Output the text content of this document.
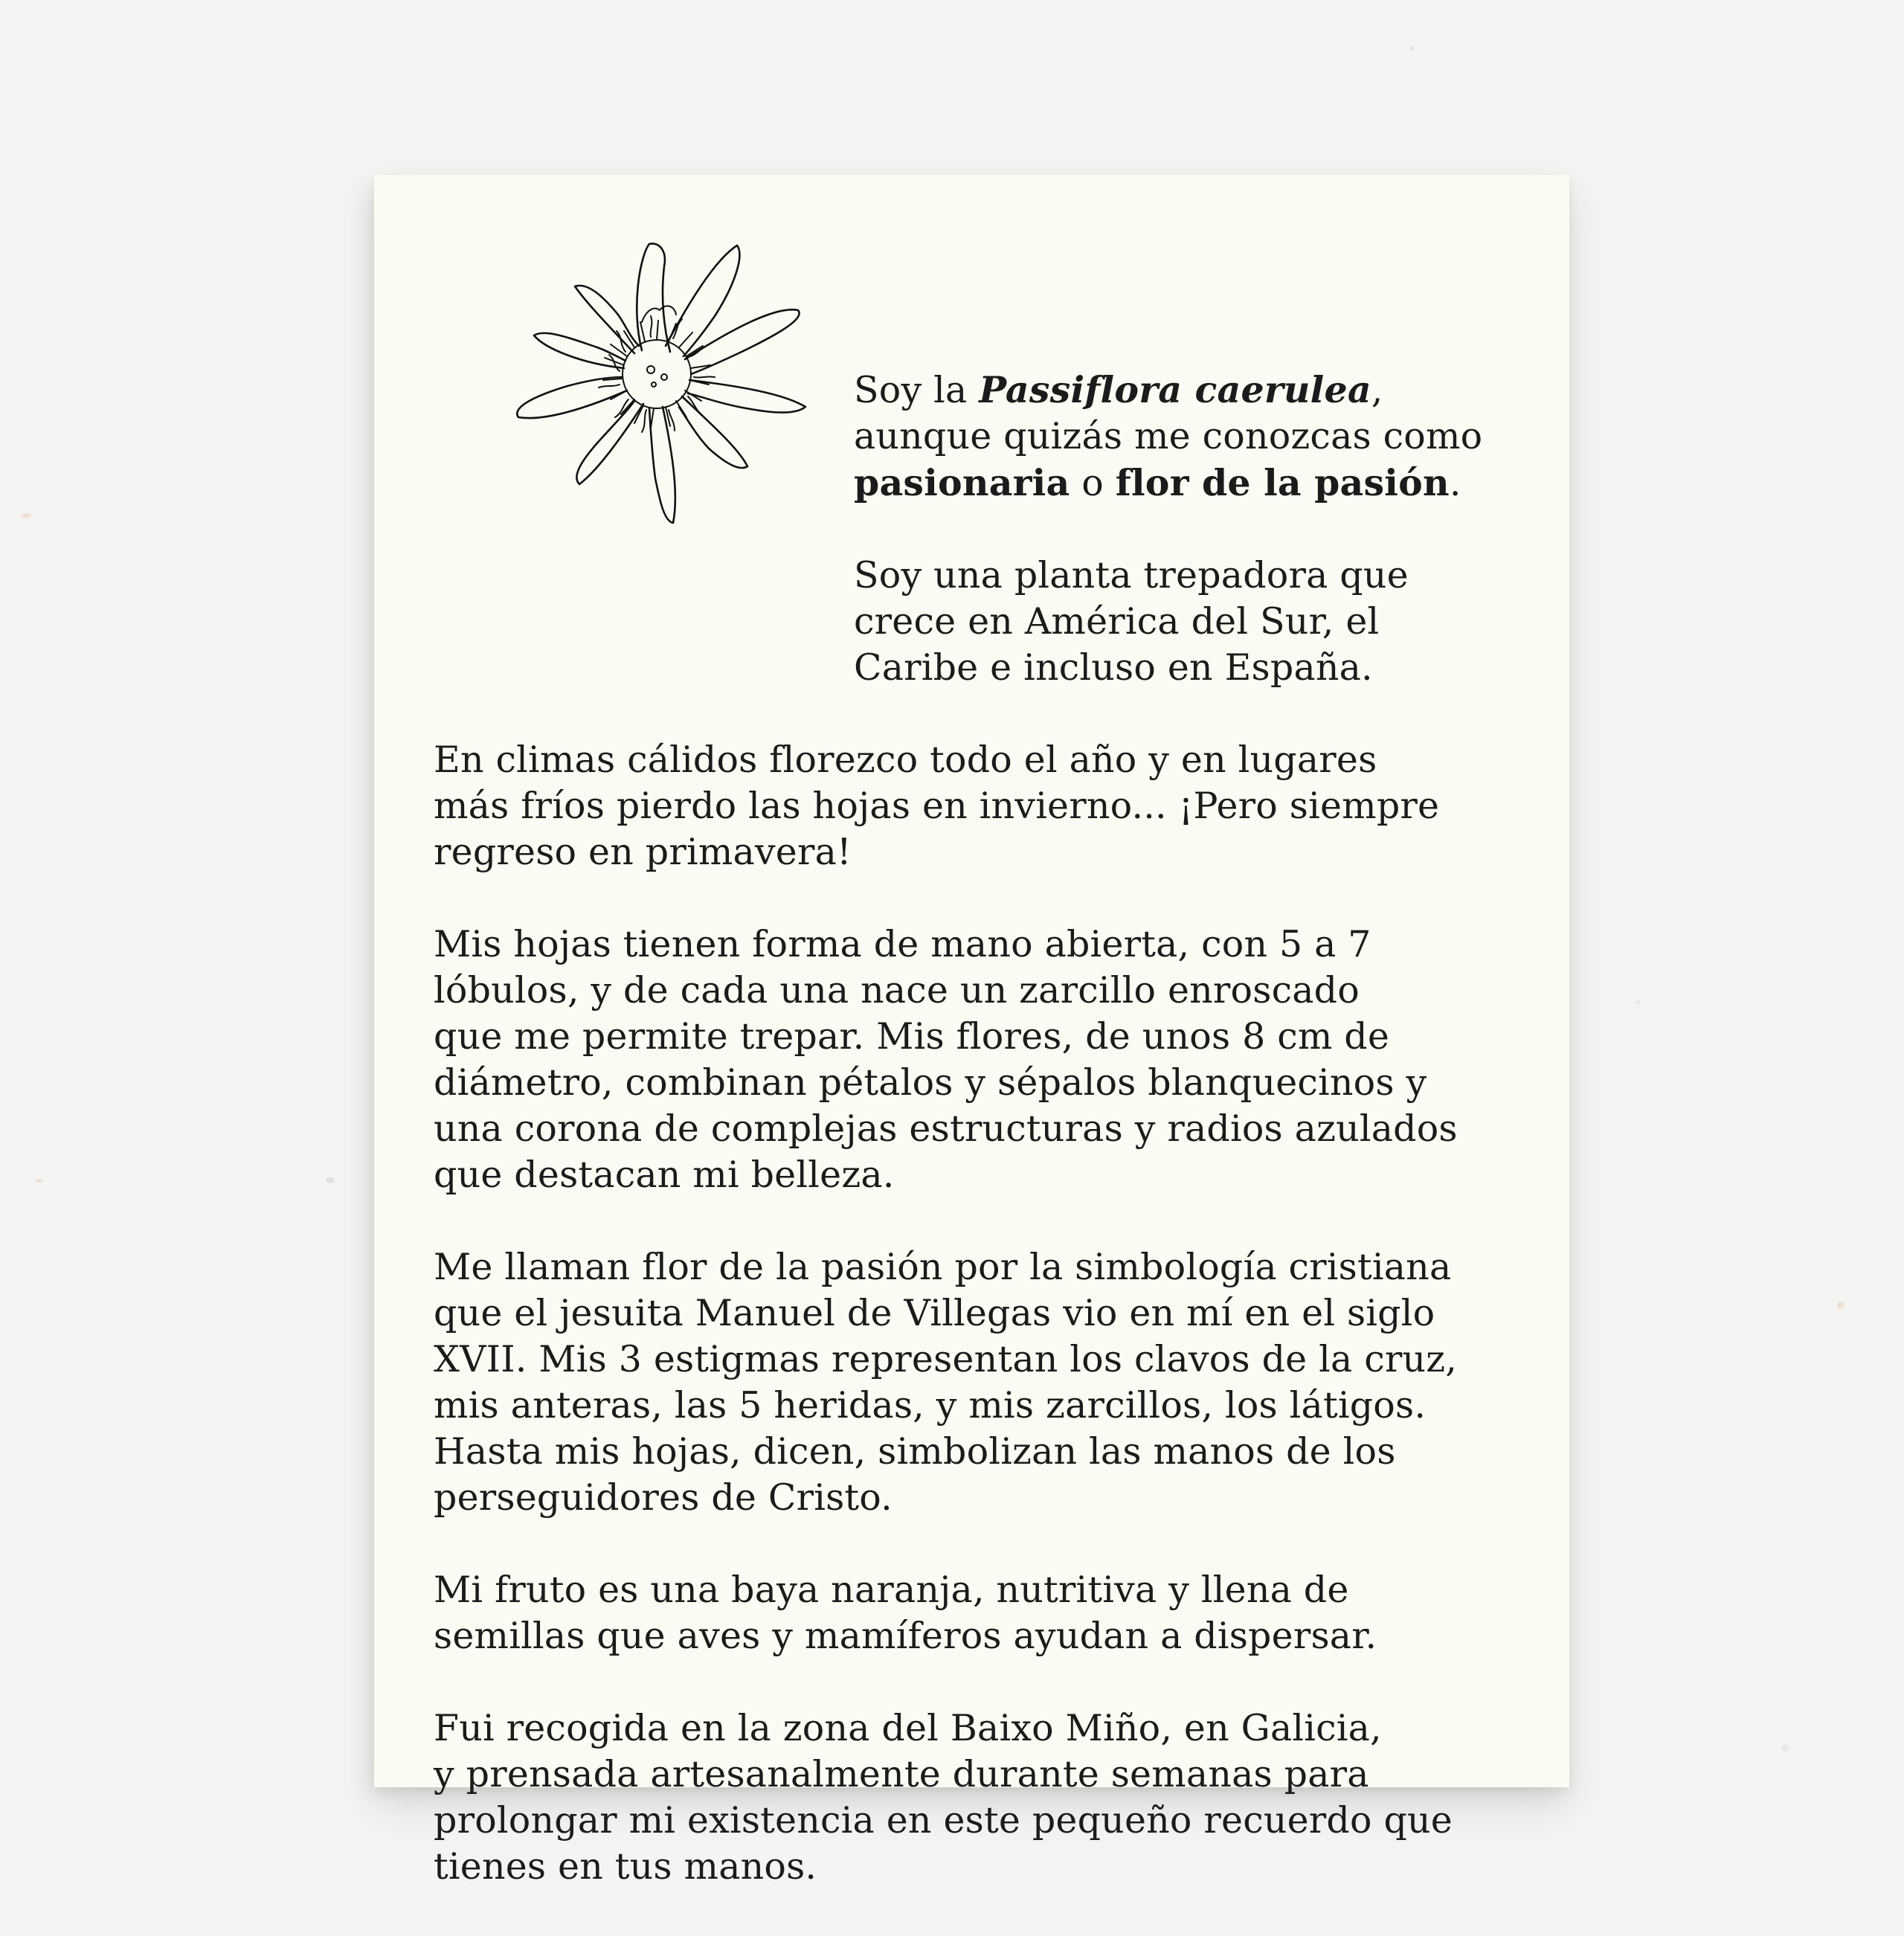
Soy la Passiflora caerulea,
aunque quizás me conozcas como
pasionaria o flor de la pasión.

Soy una planta trepadora que
crece en América del Sur, el
Caribe e incluso en España.

En climas cálidos florezco todo el año y en lugares
más fríos pierdo las hojas en invierno... ¡Pero siempre
regreso en primavera!

Mis hojas tienen forma de mano abierta, con 5 a 7
lóbulos, y de cada una nace un zarcillo enroscado
que me permite trepar. Mis flores, de unos 8 cm de
diámetro, combinan pétalos y sépalos blanquecinos y
una corona de complejas estructuras y radios azulados
que destacan mi belleza.

Me llaman flor de la pasión por la simbología cristiana
que el jesuita Manuel de Villegas vio en mí en el siglo
XVII. Mis 3 estigmas representan los clavos de la cruz,
mis anteras, las 5 heridas, y mis zarcillos, los látigos.
Hasta mis hojas, dicen, simbolizan las manos de los
perseguidores de Cristo.

Mi fruto es una baya naranja, nutritiva y llena de
semillas que aves y mamíferos ayudan a dispersar.

Fui recogida en la zona del Baixo Miño, en Galicia,
y prensada artesanalmente durante semanas para
prolongar mi existencia en este pequeño recuerdo que
tienes en tus manos.
